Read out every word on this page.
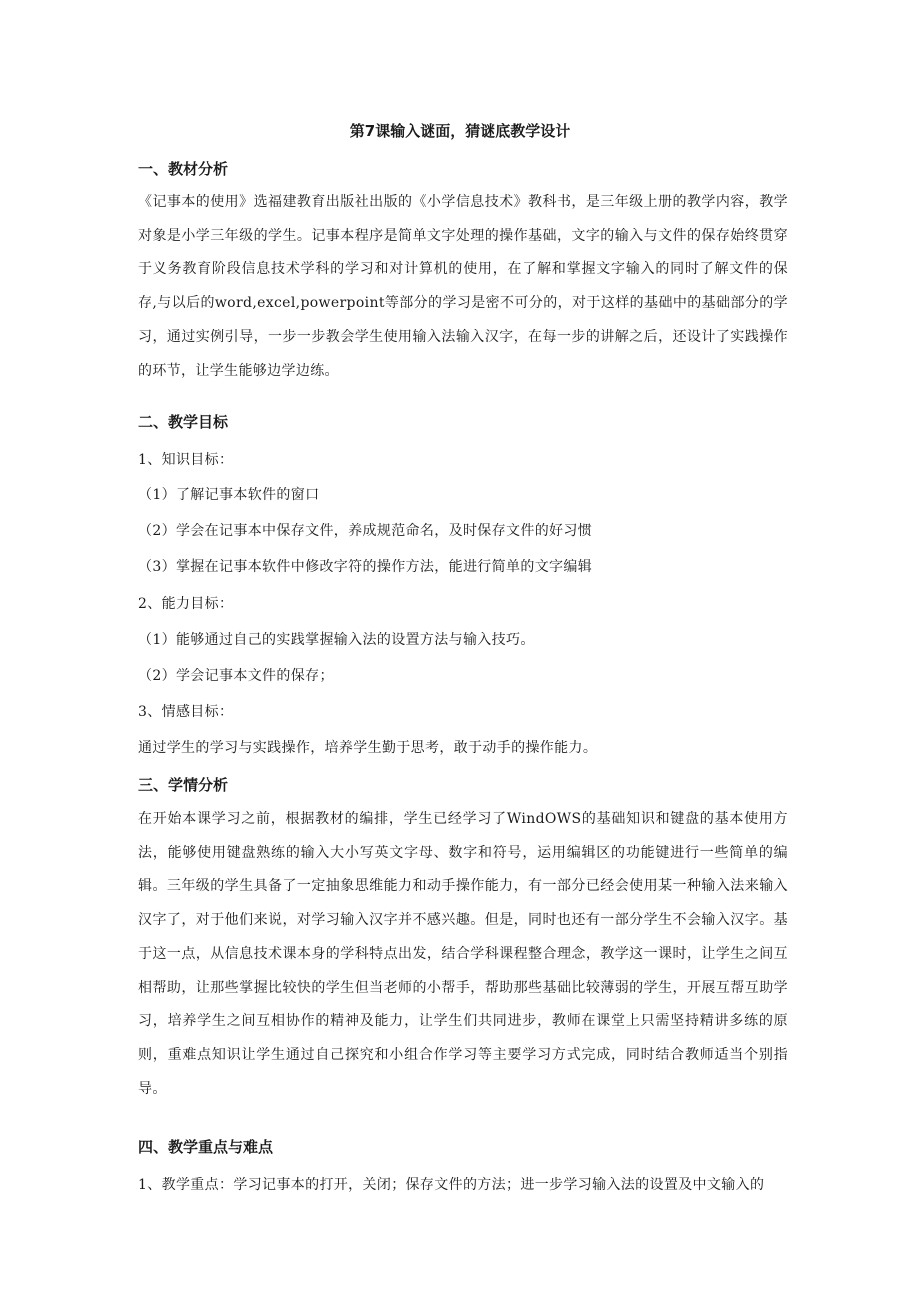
第7课输入谜面，猜谜底教学设计
一、教材分析
《记事本的使用》选福建教育出版社出版的《小学信息技术》教科书，是三年级上册的教学内容，教学对象是小学三年级的学生。记事本程序是简单文字处理的操作基础，文字的输入与文件的保存始终贯穿于义务教育阶段信息技术学科的学习和对计算机的使用，在了解和掌握文字输入的同时了解文件的保存,与以后的word,excel,powerpoint等部分的学习是密不可分的，对于这样的基础中的基础部分的学习，通过实例引导，一步一步教会学生使用输入法输入汉字，在每一步的讲解之后，还设计了实践操作的环节，让学生能够边学边练。
二、教学目标
1、知识目标：
（1）了解记事本软件的窗口
（2）学会在记事本中保存文件，养成规范命名，及时保存文件的好习惯
（3）掌握在记事本软件中修改字符的操作方法，能进行简单的文字编辑
2、能力目标：
（1）能够通过自己的实践掌握输入法的设置方法与输入技巧。
（2）学会记事本文件的保存；
3、情感目标：
通过学生的学习与实践操作，培养学生勤于思考，敢于动手的操作能力。
三、学情分析
在开始本课学习之前，根据教材的编排，学生已经学习了WindOWS的基础知识和键盘的基本使用方法，能够使用键盘熟练的输入大小写英文字母、数字和符号，运用编辑区的功能键进行一些简单的编辑。三年级的学生具备了一定抽象思维能力和动手操作能力，有一部分已经会使用某一种输入法来输入汉字了，对于他们来说，对学习输入汉字并不感兴趣。但是，同时也还有一部分学生不会输入汉字。基于这一点，从信息技术课本身的学科特点出发，结合学科课程整合理念，教学这一课时，让学生之间互相帮助，让那些掌握比较快的学生但当老师的小帮手，帮助那些基础比较薄弱的学生，开展互帮互助学习，培养学生之间互相协作的精神及能力，让学生们共同进步，教师在课堂上只需坚持精讲多练的原则，重难点知识让学生通过自己探究和小组合作学习等主要学习方式完成，同时结合教师适当个别指导。
四、教学重点与难点
1、教学重点：学习记事本的打开，关闭；保存文件的方法；进一步学习输入法的设置及中文输入的
